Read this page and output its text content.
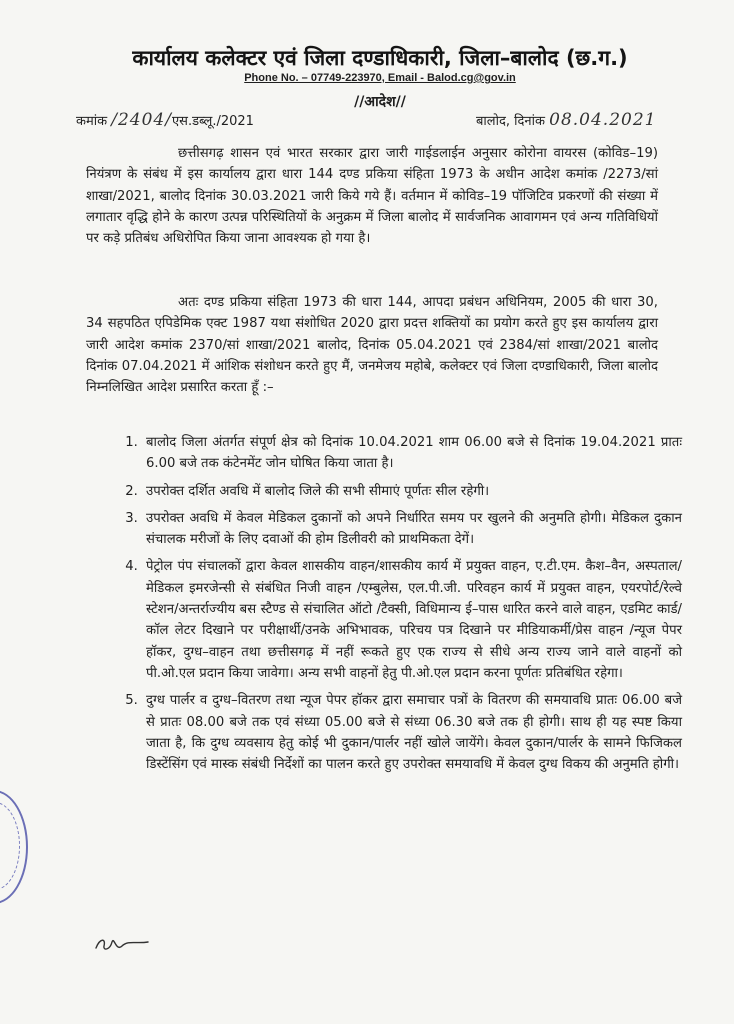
कार्यालय कलेक्टर एवं जिला दण्डाधिकारी, जिला–बालोद (छ.ग.)
Phone No. – 07749-223970, Email - Balod.cg@gov.in
//आदेश//
कमांक /2404/एस.डब्लू./2021	बालोद, दिनांक 08.04.2021
छत्तीसगढ़ शासन एवं भारत सरकार द्वारा जारी गाईडलाईन अनुसार कोरोना वायरस (कोविड–19) नियंत्रण के संबंध में इस कार्यालय द्वारा धारा 144 दण्ड प्रकिया संहिता 1973 के अधीन आदेश कमांक /2273/सां शाखा/2021, बालोद दिनांक 30.03.2021 जारी किये गये हैं। वर्तमान में कोविड–19 पॉजिटिव प्रकरणों की संख्या में लगातार वृद्धि होने के कारण उत्पन्न परिस्थितियों के अनुक्रम में जिला बालोद में सार्वजनिक आवागमन एवं अन्य गतिविधियों पर कड़े प्रतिबंध अधिरोपित किया जाना आवश्यक हो गया है।
अतः दण्ड प्रकिया संहिता 1973 की धारा 144, आपदा प्रबंधन अधिनियम, 2005 की धारा 30, 34 सहपठित एपिडेमिक एक्ट 1987 यथा संशोधित 2020 द्वारा प्रदत्त शक्तियों का प्रयोग करते हुए इस कार्यालय द्वारा जारी आदेश कमांक 2370/सां शाखा/2021 बालोद, दिनांक 05.04.2021 एवं 2384/सां शाखा/2021 बालोद दिनांक 07.04.2021 में आंशिक संशोधन करते हुए मैं, जनमेजय महोबे, कलेक्टर एवं जिला दण्डाधिकारी, जिला बालोद निम्नलिखित आदेश प्रसारित करता हूँ :–
1. बालोद जिला अंतर्गत संपूर्ण क्षेत्र को दिनांक 10.04.2021 शाम 06.00 बजे से दिनांक 19.04.2021 प्रातः 6.00 बजे तक कंटेनमेंट जोन घोषित किया जाता है।
2. उपरोक्त दर्शित अवधि में बालोद जिले की सभी सीमाएं पूर्णतः सील रहेगी।
3. उपरोक्त अवधि में केवल मेडिकल दुकानों को अपने निर्धारित समय पर खुलने की अनुमति होगी। मेडिकल दुकान संचालक मरीजों के लिए दवाओं की होम डिलीवरी को प्राथमिकता देगें।
4. पेट्रोल पंप संचालकों द्वारा केवल शासकीय वाहन/शासकीय कार्य में प्रयुक्त वाहन, ए.टी.एम. कैश–वैन, अस्पताल/मेडिकल इमरजेन्सी से संबंधित निजी वाहन /एम्बुलेस, एल.पी.जी. परिवहन कार्य में प्रयुक्त वाहन, एयरपोर्ट/रेल्वे स्टेशन/अन्तर्राज्यीय बस स्टैण्ड से संचालित ऑटो /टैक्सी, विधिमान्य ई–पास धारित करने वाले वाहन, एडमिट कार्ड/कॉल लेटर दिखाने पर परीक्षार्थी/उनके अभिभावक, परिचय पत्र दिखाने पर मीडियाकर्मी/प्रेस वाहन /न्यूज पेपर हॉकर, दुग्ध–वाहन तथा छत्तीसगढ़ में नहीं रूकते हुए एक राज्य से सीधे अन्य राज्य जाने वाले वाहनों को पी.ओ.एल प्रदान किया जावेगा। अन्य सभी वाहनों हेतु पी.ओ.एल प्रदान करना पूर्णतः प्रतिबंधित रहेगा।
5. दुग्ध पार्लर व दुग्ध–वितरण तथा न्यूज पेपर हॉकर द्वारा समाचार पत्रों के वितरण की समयावधि प्रातः 06.00 बजे से प्रातः 08.00 बजे तक एवं संध्या 05.00 बजे से संध्या 06.30 बजे तक ही होगी। साथ ही यह स्पष्ट किया जाता है, कि दुग्ध व्यवसाय हेतु कोई भी दुकान/पार्लर नहीं खोले जायेंगे। केवल दुकान/पार्लर के सामने फिजिकल डिस्टेंसिंग एवं मास्क संबंधी निर्देशों का पालन करते हुए उपरोक्त समयावधि में केवल दुग्ध विकय की अनुमति होगी।
